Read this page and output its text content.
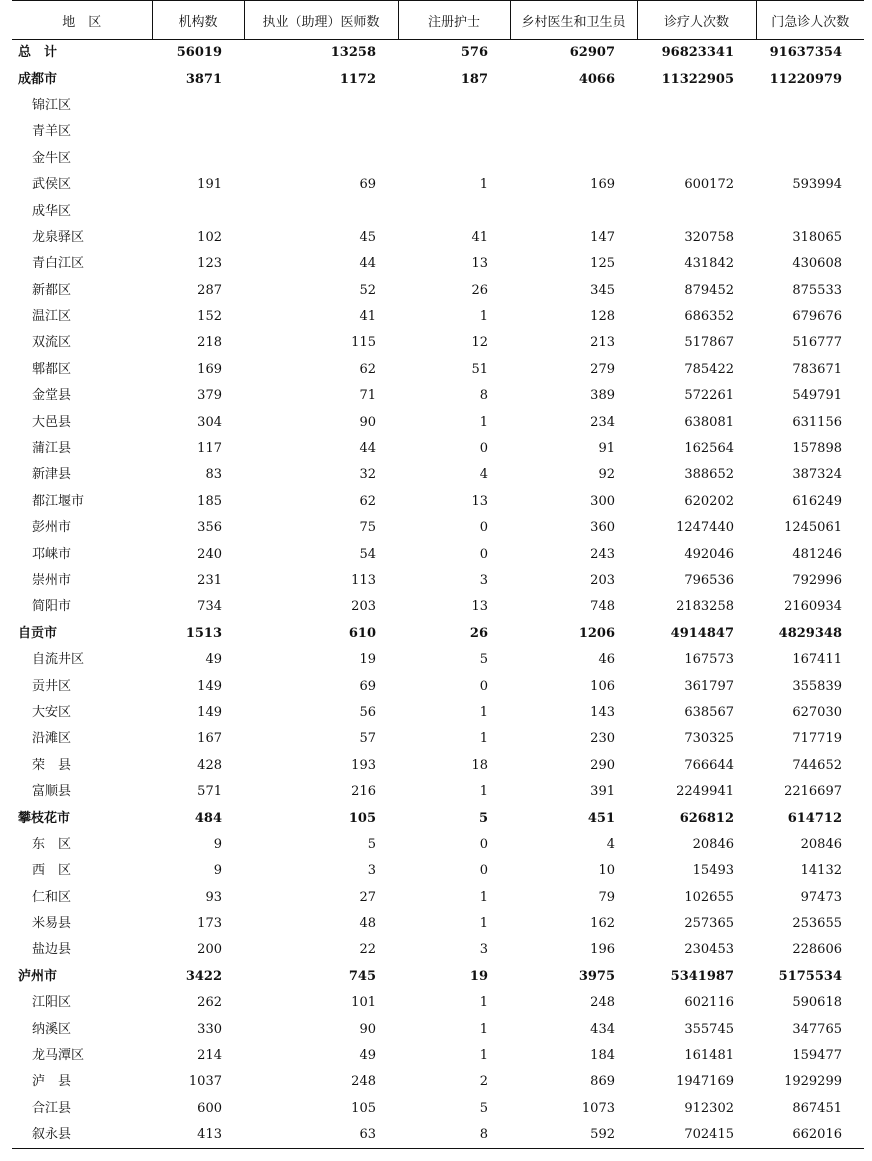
地　区	机构数	执业（助理）医师数	注册护士	乡村医生和卫生员	诊疗人次数	门急诊人次数
总　计	56019	13258	576	62907	96823341	91637354
成都市	3871	1172	187	4066	11322905	11220979
锦江区						
青羊区						
金牛区						
武侯区	191	69	1	169	600172	593994
成华区						
龙泉驿区	102	45	41	147	320758	318065
青白江区	123	44	13	125	431842	430608
新都区	287	52	26	345	879452	875533
温江区	152	41	1	128	686352	679676
双流区	218	115	12	213	517867	516777
郫都区	169	62	51	279	785422	783671
金堂县	379	71	8	389	572261	549791
大邑县	304	90	1	234	638081	631156
蒲江县	117	44	0	91	162564	157898
新津县	83	32	4	92	388652	387324
都江堰市	185	62	13	300	620202	616249
彭州市	356	75	0	360	1247440	1245061
邛崃市	240	54	0	243	492046	481246
崇州市	231	113	3	203	796536	792996
简阳市	734	203	13	748	2183258	2160934
自贡市	1513	610	26	1206	4914847	4829348
自流井区	49	19	5	46	167573	167411
贡井区	149	69	0	106	361797	355839
大安区	149	56	1	143	638567	627030
沿滩区	167	57	1	230	730325	717719
荣　县	428	193	18	290	766644	744652
富顺县	571	216	1	391	2249941	2216697
攀枝花市	484	105	5	451	626812	614712
东　区	9	5	0	4	20846	20846
西　区	9	3	0	10	15493	14132
仁和区	93	27	1	79	102655	97473
米易县	173	48	1	162	257365	253655
盐边县	200	22	3	196	230453	228606
泸州市	3422	745	19	3975	5341987	5175534
江阳区	262	101	1	248	602116	590618
纳溪区	330	90	1	434	355745	347765
龙马潭区	214	49	1	184	161481	159477
泸　县	1037	248	2	869	1947169	1929299
合江县	600	105	5	1073	912302	867451
叙永县	413	63	8	592	702415	662016
